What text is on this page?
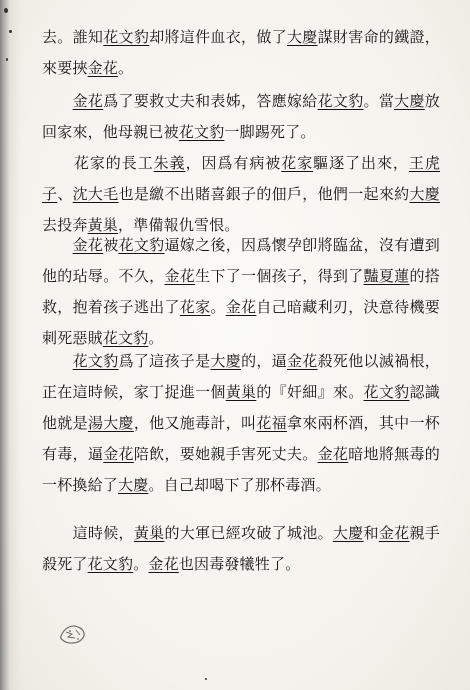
去。誰知花文豹却將這件血衣，做了大慶謀財害命的鐵證，來要挾金花。

　　金花爲了要救丈夫和表姊，答應嫁給花文豹。當大慶放回家來，他母親已被花文豹一脚踢死了。

　　花家的長工朱義，因爲有病被花家驅逐了出來，王虎子、沈大毛也是繳不出賭喜銀子的佃戶，他們一起來約大慶去投奔黃巢，準備報仇雪恨。

　　金花被花文豹逼嫁之後，因爲懷孕卽將臨盆，沒有遭到他的玷辱。不久，金花生下了一個孩子，得到了豔夏蓮的搭救，抱着孩子逃出了花家。金花自己暗藏利刃，決意待機要刺死惡賊花文豹。

　　花文豹爲了這孩子是大慶的，逼金花殺死他以滅禍根，正在這時候，家丁捉進一個黃巢的『奸細』來。花文豹認識他就是湯大慶，他又施毒計，叫花福拿來兩杯酒，其中一杯有毒，逼金花陪飲，要她親手害死丈夫。金花暗地將無毒的一杯換給了大慶。自己却喝下了那杯毒酒。

　　這時候，黃巢的大軍已經攻破了城池。大慶和金花親手殺死了花文豹。金花也因毒發犧牲了。
